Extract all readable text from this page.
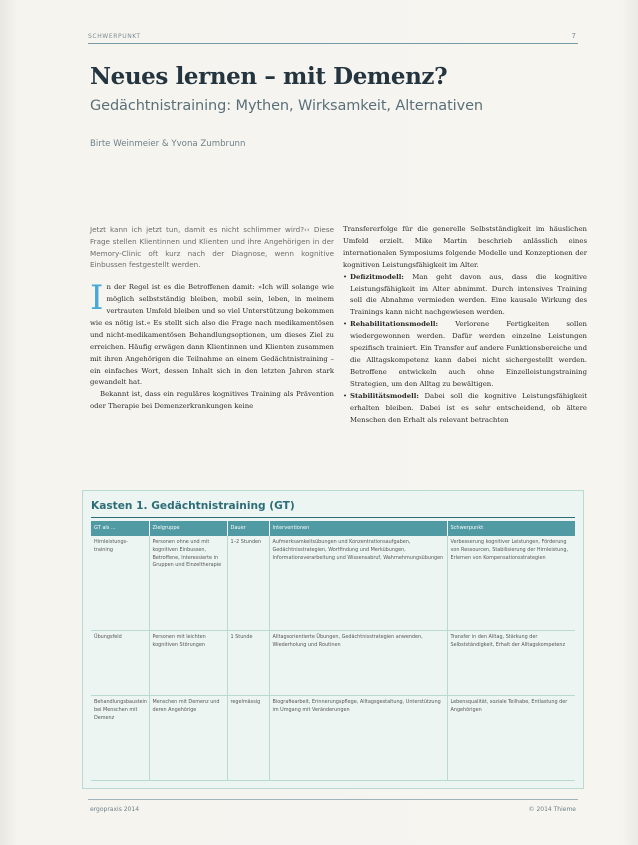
SCHWERPUNKT	7
Neues lernen – mit Demenz?
Gedächtnistraining: Mythen, Wirksamkeit, Alternativen
Birte Weinmeier & Yvona Zumbrunn

Jetzt kann ich jetzt tun, damit es nicht schlimmer wird?‹‹ Diese Frage stellen Klientinnen und Klienten und ihre Angehörigen in der Memory-Clinic oft kurz nach der Diagnose, wenn kognitive Einbussen festgestellt werden.

In der Regel ist es die Betroffenen damit: »Ich will solange wie möglich selbstständig bleiben, mobil sein, leben, in meinem vertrauten Umfeld bleiben und so viel Unterstützung bekommen wie es nötig ist.« Es stellt sich also die Frage nach medikamentösen und nicht-medikamentösen Behandlungsoptionen, um dieses Ziel zu erreichen. Häufig erwägen dann Klientinnen und Klienten zusammen mit ihren Angehörigen die Teilnahme an einem Gedächtnistraining – ein einfaches Wort, dessen Inhalt sich in den letzten Jahren stark gewandelt hat.

Bekannt ist, dass ein reguläres kognitives Training als Prävention oder Therapie bei Demenzerkrankungen keine

Transfererfolge für die generelle Selbstständigkeit im häuslichen Umfeld erzielt. Mike Martin beschrieb anlässlich eines internationalen Symposiums folgende Modelle und Konzeptionen der kognitiven Leistungsfähigkeit im Alter.

• Defizitmodell: Man geht davon aus, dass die kognitive Leistungsfähigkeit im Alter abnimmt. Durch intensives Training soll die Abnahme vermieden werden. Eine kausale Wirkung des Trainings kann nicht nachgewiesen werden.
• Rehabilitationsmodell: Verlorene Fertigkeiten sollen wiedergewonnen werden. Dafür werden einzelne Leistungen spezifisch trainiert. Ein Transfer auf andere Funktionsbereiche und die Alltagskompetenz kann dabei nicht sichergestellt werden. Betroffene entwickeln auch ohne Einzelleistungstraining Strategien, um den Alltag zu bewältigen.
• Stabilitätsmodell: Dabei soll die kognitive Leistungsfähigkeit erhalten bleiben. Dabei ist es sehr entscheidend, ob ältere Menschen den Erhalt als relevant betrachten
Kasten 1. Gedächtnistraining (GT)
GT als ...	Zielgruppe	Dauer	Interventionen	Schwerpunkt
Hirnleistungs-training	Personen ohne und mit kognitiven Einbussen, Betroffene, Interessierte in Gruppen und Einzeltherapie	1–2 Stunden	Aufmerksamkeitsübungen und Konzentrationsaufgaben, Gedächtnisstrategien, Wortfindung und Merkübungen, Informationsverarbeitung und Wissensabruf, Wahrnehmungsübungen	Verbesserung kognitiver Leistungen, Förderung von Ressourcen, Stabilisierung der Hirnleistung, Erlernen von Kompensationsstrategien
Übungsfeld	Personen mit leichten kognitiven Störungen	1 Stunde	Alltagsorientierte Übungen, Gedächtnisstrategien anwenden, Wiederholung und Routinen	Transfer in den Alltag, Stärkung der Selbstständigkeit, Erhalt der Alltagskompetenz
Behandlungsbaustein bei Menschen mit Demenz	Menschen mit Demenz und deren Angehörige	regelmässig	Biografiearbeit, Erinnerungspflege, Alltagsgestaltung, Unterstützung im Umgang mit Veränderungen	Lebensqualität, soziale Teilhabe, Entlastung der Angehörigen
ergopraxis 2014	© 2014 Thieme
